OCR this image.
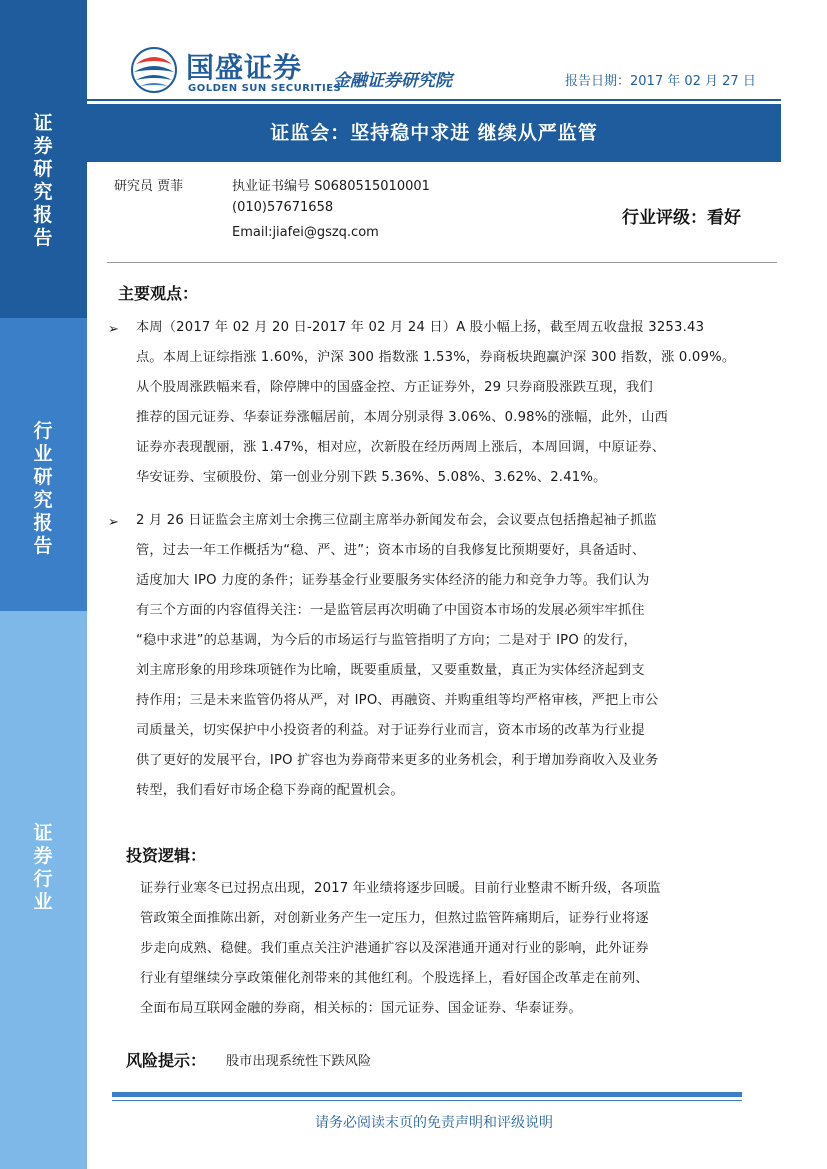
证券研究报告
行业研究报告
证券行业
国盛证券
GOLDEN SUN SECURITIES
金融证券研究院	报告日期：2017 年 02 月 27 日
证监会：坚持稳中求进 继续从严监管
研究员 贾菲	执业证书编号 S0680515010001
(010)57671658
Email:jiafei@gszq.com
行业评级：看好
主要观点：
➢ 本周（2017 年 02 月 20 日-2017 年 02 月 24 日）A 股小幅上扬，截至周五收盘报 3253.43
点。本周上证综指涨 1.60%，沪深 300 指数涨 1.53%，券商板块跑赢沪深 300 指数，涨 0.09%。
从个股周涨跌幅来看，除停牌中的国盛金控、方正证券外，29 只券商股涨跌互现，我们
推荐的国元证券、华泰证券涨幅居前，本周分别录得 3.06%、0.98%的涨幅，此外，山西
证券亦表现靓丽，涨 1.47%，相对应，次新股在经历两周上涨后，本周回调，中原证券、
华安证券、宝硕股份、第一创业分别下跌 5.36%、5.08%、3.62%、2.41%。
➢ 2 月 26 日证监会主席刘士余携三位副主席举办新闻发布会，会议要点包括撸起袖子抓监
管，过去一年工作概括为“稳、严、进”；资本市场的自我修复比预期要好，具备适时、
适度加大 IPO 力度的条件；证券基金行业要服务实体经济的能力和竞争力等。我们认为
有三个方面的内容值得关注：一是监管层再次明确了中国资本市场的发展必须牢牢抓住
“稳中求进”的总基调，为今后的市场运行与监管指明了方向；二是对于 IPO 的发行，
刘主席形象的用珍珠项链作为比喻，既要重质量，又要重数量，真正为实体经济起到支
持作用；三是未来监管仍将从严，对 IPO、再融资、并购重组等均严格审核，严把上市公
司质量关，切实保护中小投资者的利益。对于证券行业而言，资本市场的改革为行业提
供了更好的发展平台，IPO 扩容也为券商带来更多的业务机会，利于增加券商收入及业务
转型，我们看好市场企稳下券商的配置机会。
投资逻辑：
证券行业寒冬已过拐点出现，2017 年业绩将逐步回暖。目前行业整肃不断升级，各项监
管政策全面推陈出新，对创新业务产生一定压力，但熬过监管阵痛期后，证券行业将逐
步走向成熟、稳健。我们重点关注沪港通扩容以及深港通开通对行业的影响，此外证券
行业有望继续分享政策催化剂带来的其他红利。个股选择上，看好国企改革走在前列、
全面布局互联网金融的券商，相关标的：国元证券、国金证券、华泰证券。
风险提示： 股市出现系统性下跌风险
请务必阅读末页的免责声明和评级说明
